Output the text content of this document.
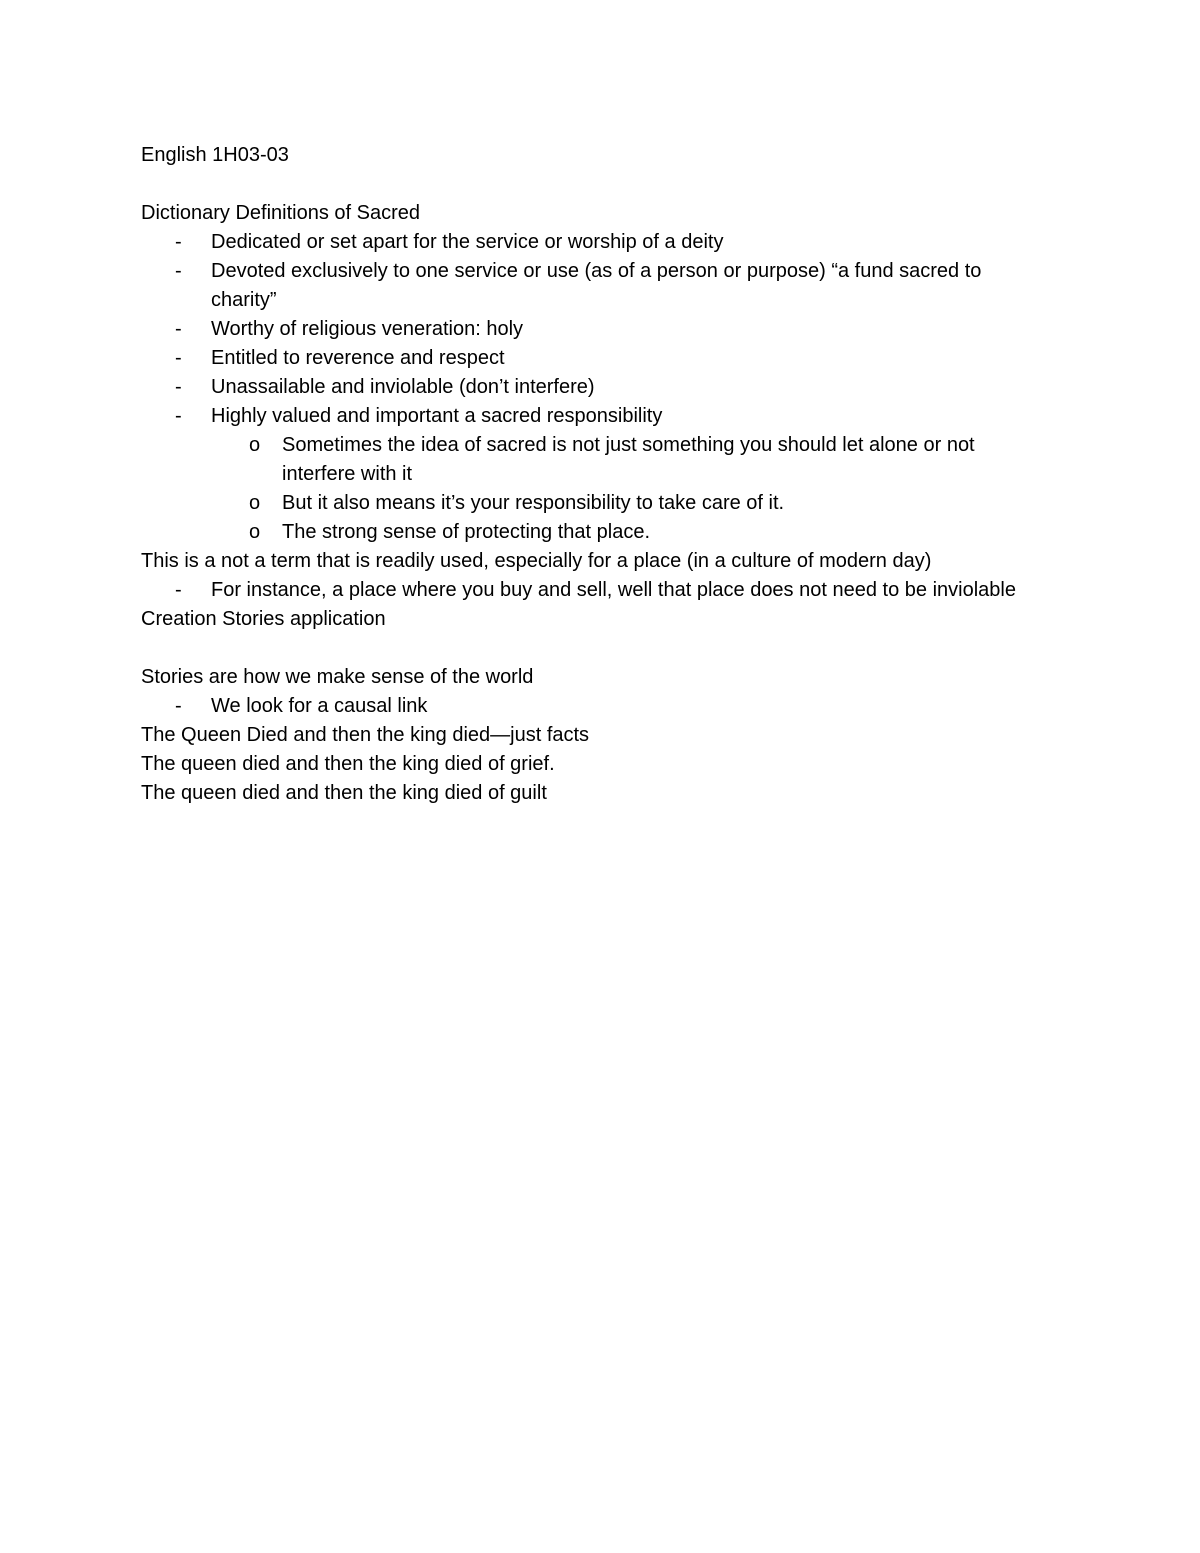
English 1H03-03

Dictionary Definitions of Sacred

- Dedicated or set apart for the service or worship of a deity
- Devoted exclusively to one service or use (as of a person or purpose) “a fund sacred to charity”
- Worthy of religious veneration: holy
- Entitled to reverence and respect
- Unassailable and inviolable (don’t interfere)
- Highly valued and important a sacred responsibility
o Sometimes the idea of sacred is not just something you should let alone or not interfere with it
o But it also means it’s your responsibility to take care of it.
o The strong sense of protecting that place.

This is a not a term that is readily used, especially for a place (in a culture of modern day)

- For instance, a place where you buy and sell, well that place does not need to be inviolable

Creation Stories application

Stories are how we make sense of the world

- We look for a causal link

The Queen Died and then the king died—just facts

The queen died and then the king died of grief.

The queen died and then the king died of guilt
